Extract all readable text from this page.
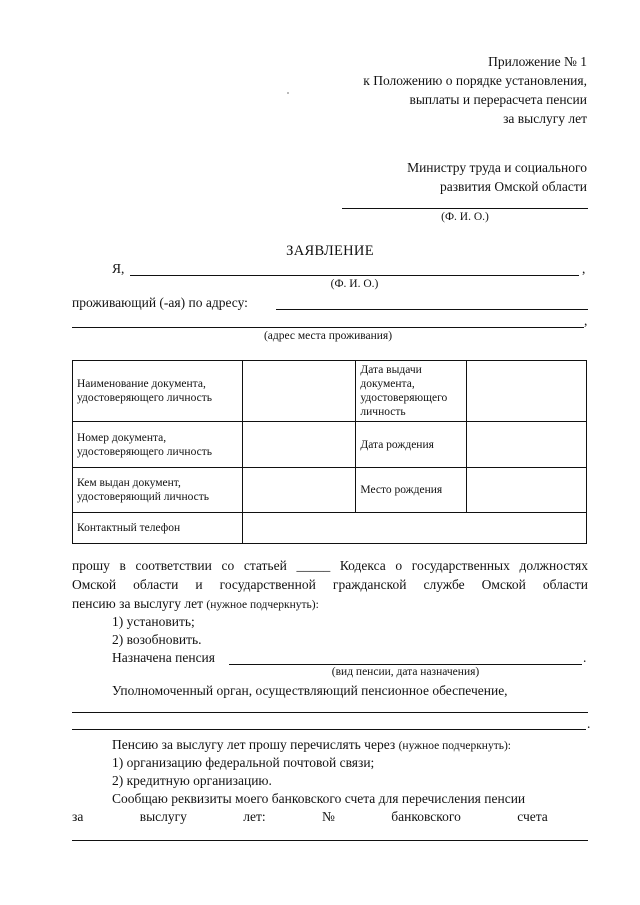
Приложение № 1
к Положению о порядке установления,
выплаты и перерасчета пенсии
за выслугу лет
Министру труда и социального
развития Омской области
(Ф. И. О.)
ЗАЯВЛЕНИЕ
Я,	,
(Ф. И. О.)
проживающий (-ая) по адресу:
,
(адрес места проживания)
Наименование документа, удостоверяющего личность		Дата выдачи документа, удостоверяющего личность	
Номер документа, удостоверяющего личность		Дата рождения	
Кем выдан документ, удостоверяющий личность		Место рождения	
Контактный телефон			
прошу в соответствии со статьей _____ Кодекса о государственных должностях
Омской области и государственной гражданской службе Омской области
пенсию за выслугу лет (нужное подчеркнуть):
1) установить;
2) возобновить.
Назначена пенсия	.
(вид пенсии, дата назначения)
Уполномоченный орган, осуществляющий пенсионное обеспечение,
.
Пенсию за выслугу лет прошу перечислять через (нужное подчеркнуть):
1) организацию федеральной почтовой связи;
2) кредитную организацию.
Сообщаю реквизиты моего банковского счета для перечисления пенсии
за выслугу лет: № банковского счета
